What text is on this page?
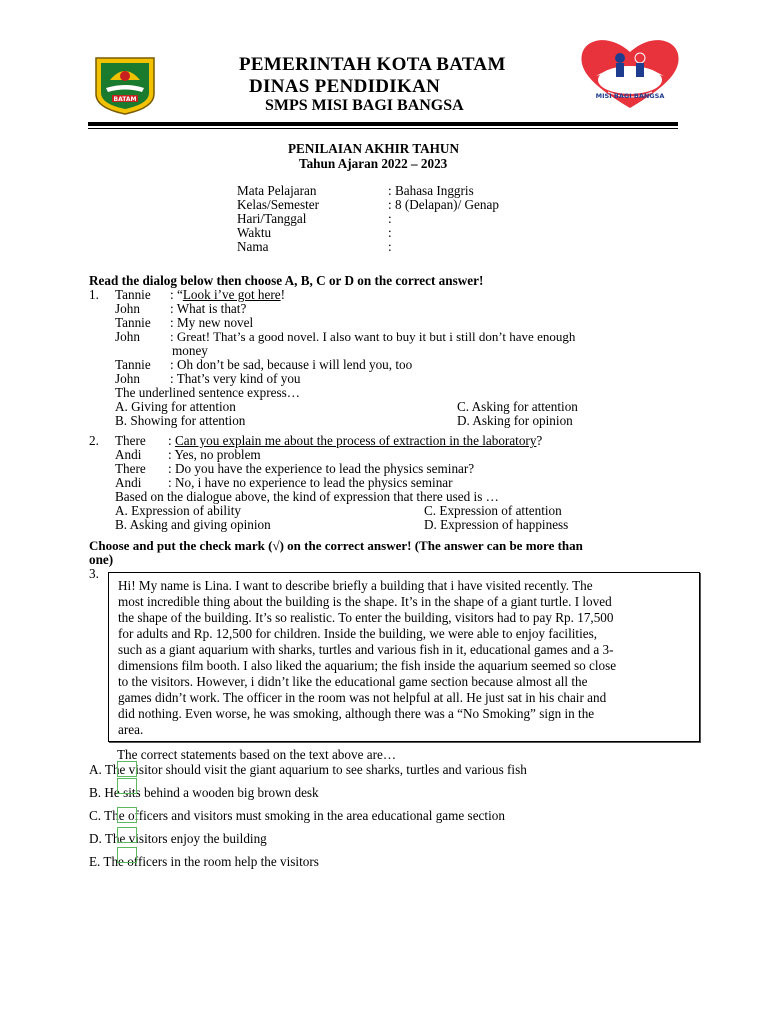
BATAM
PEMERINTAH KOTA BATAM
DINAS PENDIDIKAN
SMPS MISI BAGI BANGSA
MISI BAGI BANGSA
PENILAIAN AKHIR TAHUN
Tahun Ajaran 2022 – 2023
Mata Pelajaran	: Bahasa Inggris
Kelas/Semester	: 8 (Delapan)/ Genap
Hari/Tanggal	:
Waktu	:
Nama	:
Read the dialog below then choose A, B, C or D on the correct answer!
1. Tannie : “Look i’ve got here!
John : What is that?
Tannie : My new novel
John : Great! That’s a good novel. I also want to buy it but i still don’t have enough
money
Tannie : Oh don’t be sad, because i will lend you, too
John : That’s very kind of you
The underlined sentence express…
A. Giving for attention	C. Asking for attention
B. Showing for attention	D. Asking for opinion
2. There : Can you explain me about the process of extraction in the laboratory?
Andi : Yes, no problem
There : Do you have the experience to lead the physics seminar?
Andi : No, i have no experience to lead the physics seminar
Based on the dialogue above, the kind of expression that there used is …
A. Expression of ability	C. Expression of attention
B. Asking and giving opinion	D. Expression of happiness
Choose and put the check mark (√) on the correct answer! (The answer can be more than
one)
3.
Hi! My name is Lina. I want to describe briefly a building that i have visited recently. The
most incredible thing about the building is the shape. It’s in the shape of a giant turtle. I loved
the shape of the building. It’s so realistic. To enter the building, visitors had to pay Rp. 17,500
for adults and Rp. 12,500 for children. Inside the building, we were able to enjoy facilities,
such as a giant aquarium with sharks, turtles and various fish in it, educational games and a 3-
dimensions film booth. I also liked the aquarium; the fish inside the aquarium seemed so close
to the visitors. However, i didn’t like the educational game section because almost all the
games didn’t work. The officer in the room was not helpful at all. He just sat in his chair and
did nothing. Even worse, he was smoking, although there was a “No Smoking” sign in the
area.
The correct statements based on the text above are…
A. The visitor should visit the giant aquarium to see sharks, turtles and various fish
B. He sits behind a wooden big brown desk
C. The officers and visitors must smoking in the area educational game section
D. The visitors enjoy the building
E. The officers in the room help the visitors
